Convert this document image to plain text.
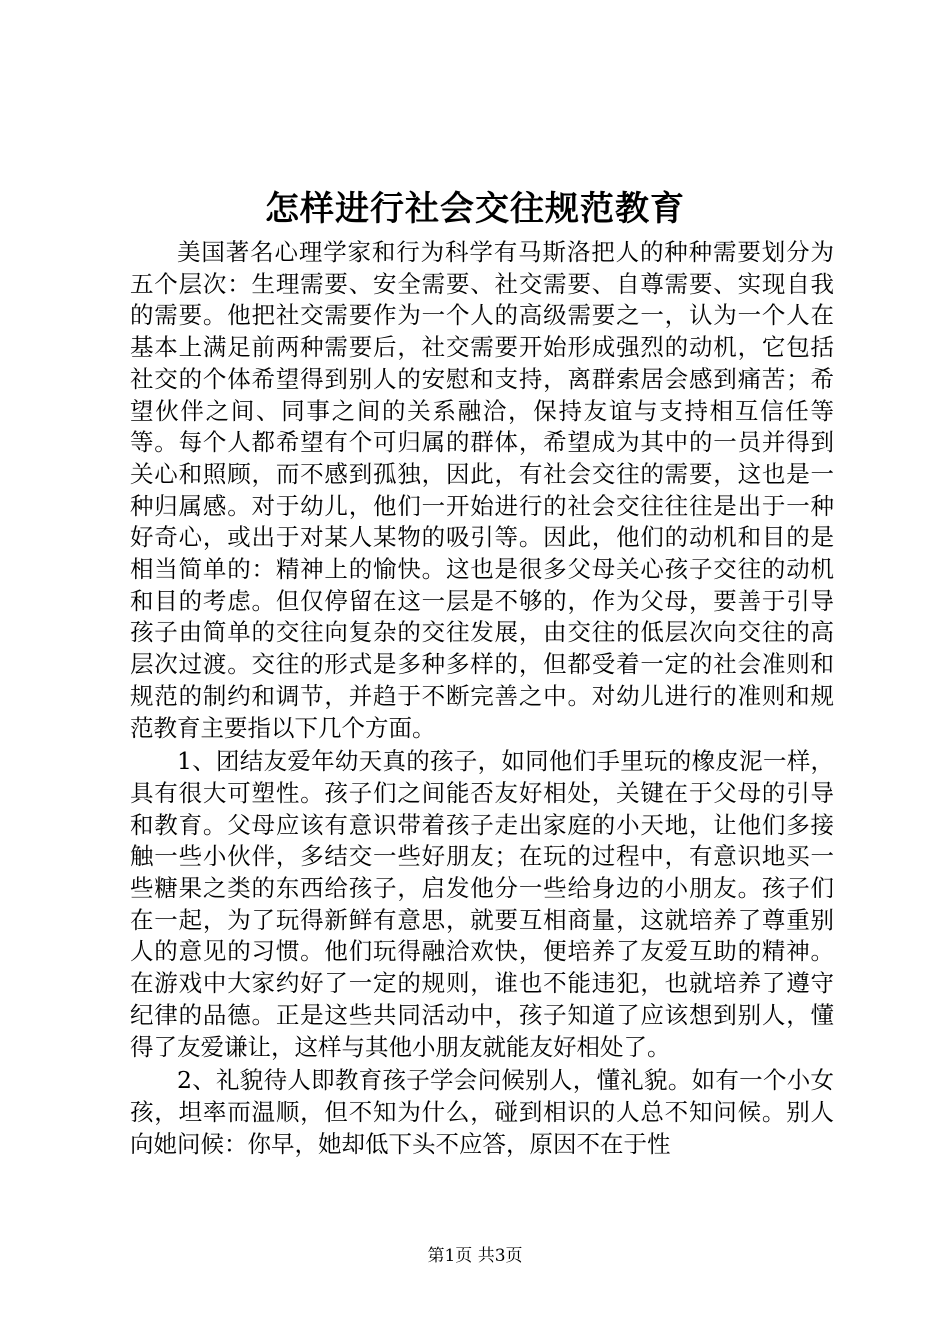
怎样进行社会交往规范教育

美国著名心理学家和行为科学有马斯洛把人的种种需要划分为五个层次：生理需要、安全需要、社交需要、自尊需要、实现自我的需要。他把社交需要作为一个人的高级需要之一，认为一个人在基本上满足前两种需要后，社交需要开始形成强烈的动机，它包括社交的个体希望得到别人的安慰和支持，离群索居会感到痛苦；希望伙伴之间、同事之间的关系融洽，保持友谊与支持相互信任等等。每个人都希望有个可归属的群体，希望成为其中的一员并得到关心和照顾，而不感到孤独，因此，有社会交往的需要，这也是一种归属感。对于幼儿，他们一开始进行的社会交往往往是出于一种好奇心，或出于对某人某物的吸引等。因此，他们的动机和目的是相当简单的：精神上的愉快。这也是很多父母关心孩子交往的动机和目的考虑。但仅停留在这一层是不够的，作为父母，要善于引导孩子由简单的交往向复杂的交往发展，由交往的低层次向交往的高层次过渡。交往的形式是多种多样的，但都受着一定的社会准则和规范的制约和调节，并趋于不断完善之中。对幼儿进行的准则和规范教育主要指以下几个方面。

1、团结友爱年幼天真的孩子，如同他们手里玩的橡皮泥一样，具有很大可塑性。孩子们之间能否友好相处，关键在于父母的引导和教育。父母应该有意识带着孩子走出家庭的小天地，让他们多接触一些小伙伴，多结交一些好朋友；在玩的过程中，有意识地买一些糖果之类的东西给孩子，启发他分一些给身边的小朋友。孩子们在一起，为了玩得新鲜有意思，就要互相商量，这就培养了尊重别人的意见的习惯。他们玩得融洽欢快，便培养了友爱互助的精神。在游戏中大家约好了一定的规则，谁也不能违犯，也就培养了遵守纪律的品德。正是这些共同活动中，孩子知道了应该想到别人，懂得了友爱谦让，这样与其他小朋友就能友好相处了。

2、礼貌待人即教育孩子学会问候别人，懂礼貌。如有一个小女孩，坦率而温顺，但不知为什么，碰到相识的人总不知问候。别人向她问候：你早，她却低下头不应答，原因不在于性

第1页 共3页
